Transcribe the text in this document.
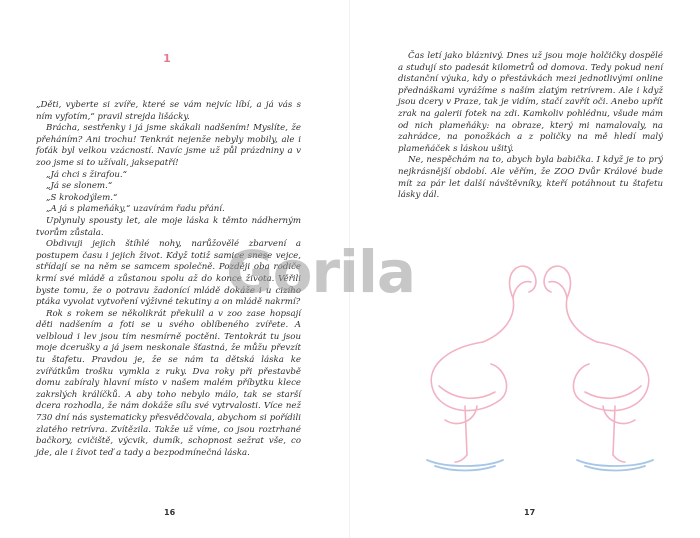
1

„Děti, vyberte si zvíře, které se vám nejvíc líbí, a já vás s ním vyfotím,“ pravil strejda lišácky.

Brácha, sestřenky i já jsme skákali nadšením! Myslíte, že přeháním? Ani trochu! Tenkrát nejenže nebyly mobily, ale i foťák byl velkou vzácností. Navíc jsme už půl prázdniny a v zoo jsme si to užívali, jaksepatří!

„Já chci s žirafou.“

„Já se slonem.“

„S krokodýlem.“

„A já s plameňáky,“ uzavírám řadu přání.

Uplynuly spousty let, ale moje láska k těmto nádherným tvorům zůstala.

Obdivuji jejich štíhlé nohy, narůžovělé zbarvení a postupem času i jejich život. Když totiž samice snese vejce, střídají se na něm se samcem společně. Později oba rodiče krmí své mládě a zůstanou spolu až do konce života. Věřili byste tomu, že o potravu žadonící mládě dokáže i u cizího ptáka vyvolat vytvoření výživné tekutiny a on mládě nakrmí?

Rok s rokem se několikrát překulil a v zoo zase hopsají děti nadšením a foti se u svého oblíbeného zvířete. A velbloud i lev jsou tím nesmírně poctěni. Tentokrát tu jsou moje dcerušky a já jsem neskonale šťastná, že můžu převzít tu štafetu. Pravdou je, že se nám ta dětská láska ke zvířátkům trošku vymkla z ruky. Dva roky při přestavbě domu zabíraly hlavní místo v našem malém příbytku klece zakrslých králíčků. A aby toho nebylo málo, tak se starší dcera rozhodla, že nám dokáže sílu své vytrvalosti. Více než 730 dní nás systematicky přesvědčovala, abychom si pořídili zlatého retrívra. Zvítězila. Takže už víme, co jsou roztrhané bačkory, cvičiště, výcvik, dumík, schopnost sežrat vše, co jde, ale i život teď a tady a bezpodmínečná láska.

16

Čas letí jako bláznivý. Dnes už jsou moje holčičky dospělé a studují sto padesát kilometrů od domova. Tedy pokud není distanční výuka, kdy o přestávkách mezi jednotlivými online přednáškami vyrážíme s naším zlatým retrívrem. Ale i když jsou dcery v Praze, tak je vidím, stačí zavřít oči. Anebo upřít zrak na galerii fotek na zdi. Kamkoliv pohlédnu, všude mám od nich plameňáky: na obraze, který mi namalovaly, na zahrádce, na ponožkách a z poličky na mě hledí malý plameňáček s láskou ušitý.

Ne, nespěchám na to, abych byla babička. I když je to prý nejkrásnější období. Ale věřím, že ZOO Dvůr Králové bude mít za pár let další návštěvníky, kteří potáhnout tu štafetu lásky dál.

17
Gorila
